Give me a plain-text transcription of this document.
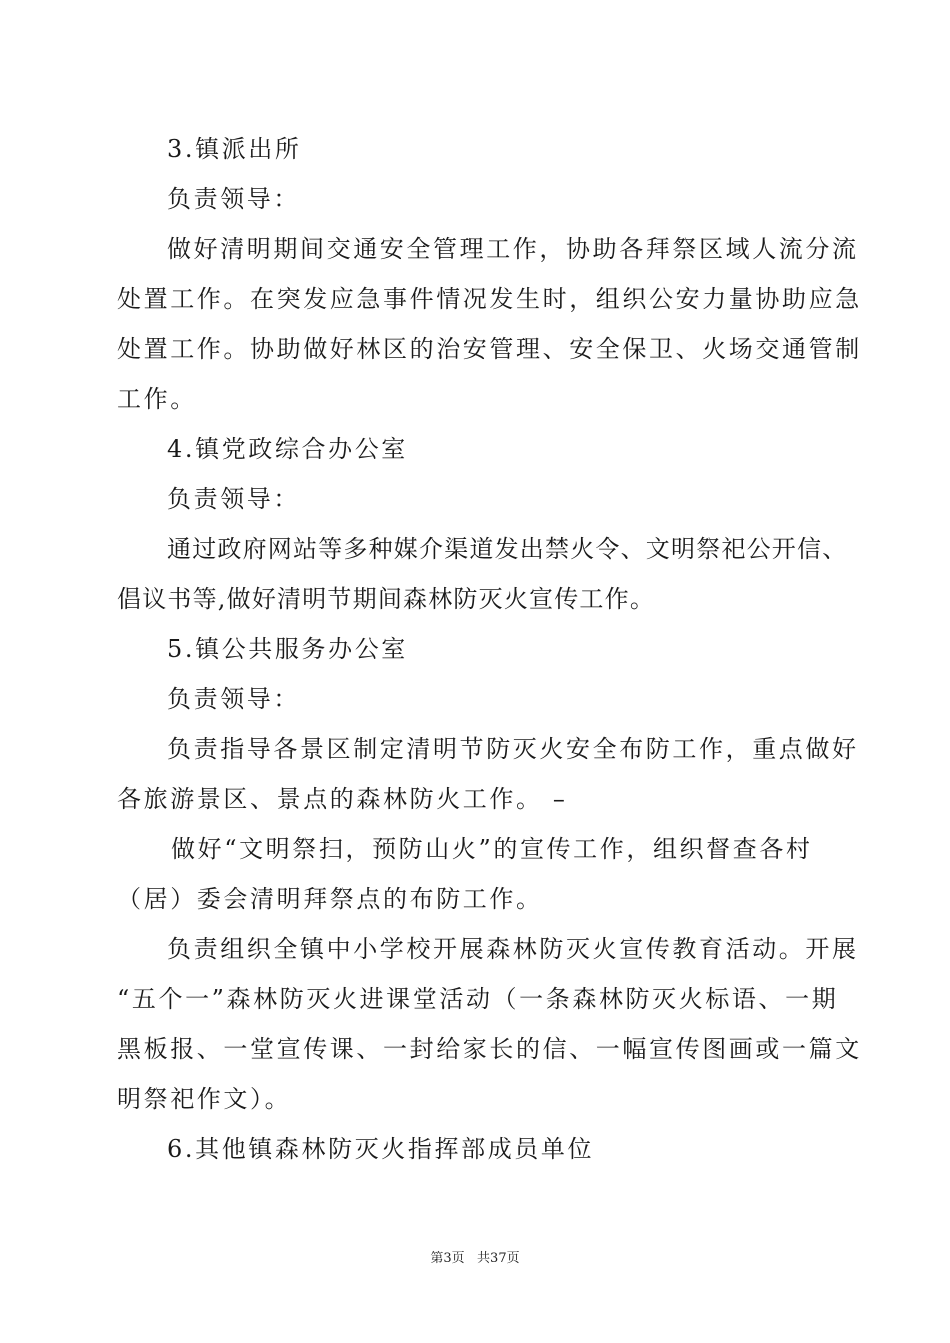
3.镇派出所
负责领导：
做好清明期间交通安全管理工作，协助各拜祭区域人流分流
处置工作。在突发应急事件情况发生时，组织公安力量协助应急
处置工作。协助做好林区的治安管理、安全保卫、火场交通管制
工作。
4.镇党政综合办公室
负责领导：
通过政府网站等多种媒介渠道发出禁火令、文明祭祀公开信、
倡议书等,做好清明节期间森林防灭火宣传工作。
5.镇公共服务办公室
负责领导：
负责指导各景区制定清明节防灭火安全布防工作，重点做好
各旅游景区、景点的森林防火工作。 –
做好“文明祭扫，预防山火”的宣传工作，组织督查各村
（居）委会清明拜祭点的布防工作。
负责组织全镇中小学校开展森林防灭火宣传教育活动。开展
“五个一”森林防灭火进课堂活动（一条森林防灭火标语、一期
黑板报、一堂宣传课、一封给家长的信、一幅宣传图画或一篇文
明祭祀作文）。
6.其他镇森林防灭火指挥部成员单位
第3页   共37页
